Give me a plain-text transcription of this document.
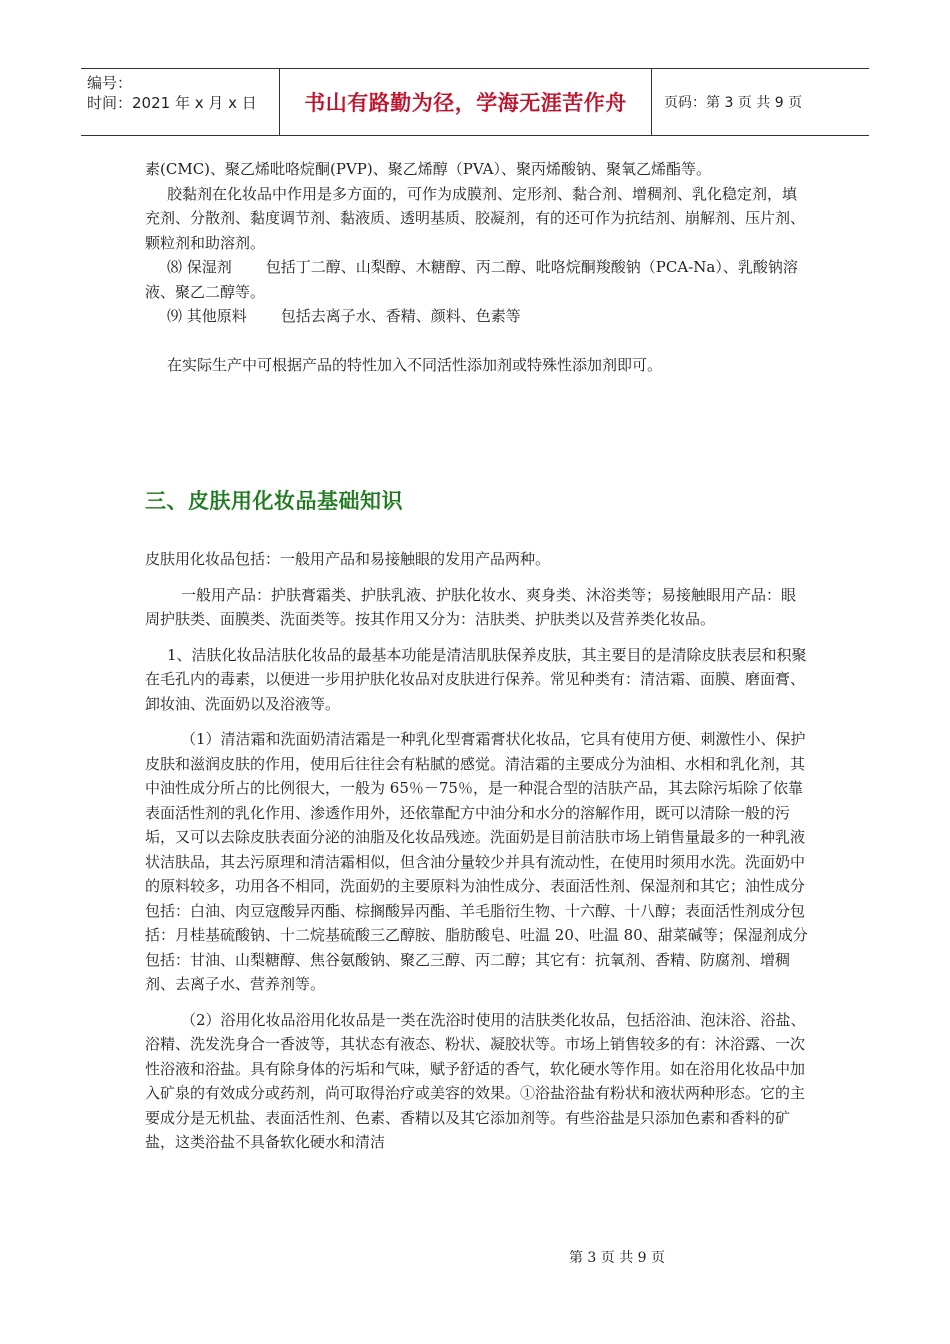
编号：
时间：2021 年 x 月 x 日	书山有路勤为径，学海无涯苦作舟	页码：第 3 页 共 9 页

素(CMC)、聚乙烯吡咯烷酮(PVP)、聚乙烯醇（PVA）、聚丙烯酸钠、聚氧乙烯酯等。

胶黏剂在化妆品中作用是多方面的，可作为成膜剂、定形剂、黏合剂、增稠剂、乳化稳定剂，填充剂、分散剂、黏度调节剂、黏液质、透明基质、胶凝剂，有的还可作为抗结剂、崩解剂、压片剂、颗粒剂和助溶剂。

⑻ 保湿剂 包括丁二醇、山梨醇、木糖醇、丙二醇、吡咯烷酮羧酸钠（PCA-Na）、乳酸钠溶液、聚乙二醇等。

⑼ 其他原料 包括去离子水、香精、颜料、色素等

在实际生产中可根据产品的特性加入不同活性添加剂或特殊性添加剂即可。

三、皮肤用化妆品基础知识

皮肤用化妆品包括：一般用产品和易接触眼的发用产品两种。

一般用产品：护肤膏霜类、护肤乳液、护肤化妆水、爽身类、沐浴类等；易接触眼用产品：眼周护肤类、面膜类、洗面类等。按其作用又分为：洁肤类、护肤类以及营养类化妆品。

1、洁肤化妆品洁肤化妆品的最基本功能是清洁肌肤保养皮肤，其主要目的是清除皮肤表层和积聚在毛孔内的毒素，以便进一步用护肤化妆品对皮肤进行保养。常见种类有：清洁霜、面膜、磨面膏、卸妆油、洗面奶以及浴液等。

（1）清洁霜和洗面奶清洁霜是一种乳化型膏霜膏状化妆品，它具有使用方便、刺激性小、保护皮肤和滋润皮肤的作用，使用后往往会有粘腻的感觉。清洁霜的主要成分为油相、水相和乳化剂，其中油性成分所占的比例很大，一般为 65％－75％，是一种混合型的洁肤产品，其去除污垢除了依靠表面活性剂的乳化作用、渗透作用外，还依靠配方中油分和水分的溶解作用，既可以清除一般的污垢，又可以去除皮肤表面分泌的油脂及化妆品残迹。洗面奶是目前洁肤市场上销售量最多的一种乳液状洁肤品，其去污原理和清洁霜相似，但含油分量较少并具有流动性，在使用时须用水洗。洗面奶中的原料较多，功用各不相同，洗面奶的主要原料为油性成分、表面活性剂、保湿剂和其它；油性成分包括：白油、肉豆寇酸异丙酯、棕搁酸异丙酯、羊毛脂衍生物、十六醇、十八醇；表面活性剂成分包括：月桂基硫酸钠、十二烷基硫酸三乙醇胺、脂肪酸皂、吐温 20、吐温 80、甜菜碱等；保湿剂成分包括：甘油、山梨糖醇、焦谷氨酸钠、聚乙三醇、丙二醇；其它有：抗氧剂、香精、防腐剂、增稠剂、去离子水、营养剂等。

（2）浴用化妆品浴用化妆品是一类在洗浴时使用的洁肤类化妆品，包括浴油、泡沫浴、浴盐、浴精、洗发洗身合一香波等，其状态有液态、粉状、凝胶状等。市场上销售较多的有：沐浴露、一次性浴液和浴盐。具有除身体的污垢和气味，赋予舒适的香气，软化硬水等作用。如在浴用化妆品中加入矿泉的有效成分或药剂，尚可取得治疗或美容的效果。①浴盐浴盐有粉状和液状两种形态。它的主要成分是无机盐、表面活性剂、色素、香精以及其它添加剂等。有些浴盐是只添加色素和香料的矿盐，这类浴盐不具备软化硬水和清洁

第 3 页 共 9 页
